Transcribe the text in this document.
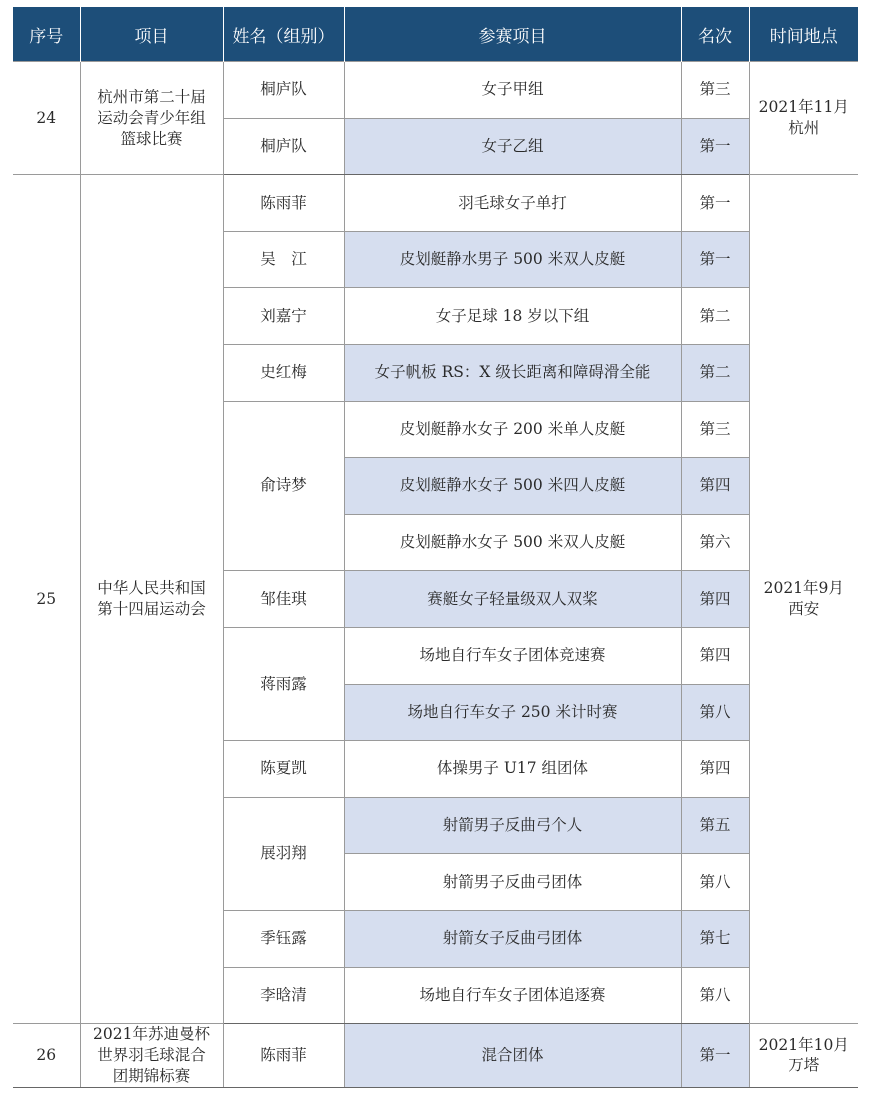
序号	项目	姓名（组别）	参赛项目	名次	时间地点
24	杭州市第二十届
运动会青少年组
篮球比赛	桐庐队	女子甲组	第三	2021年11月
杭州
		桐庐队	女子乙组	第一	
25	中华人民共和国
第十四届运动会	陈雨菲	羽毛球女子单打	第一	2021年9月
西安
		吴　江	皮划艇静水男子 500 米双人皮艇	第一	
		刘嘉宁	女子足球 18 岁以下组	第二	
		史红梅	女子帆板 RS：X 级长距离和障碍滑全能	第二	
		俞诗梦	皮划艇静水女子 200 米单人皮艇	第三	
			皮划艇静水女子 500 米四人皮艇	第四	
			皮划艇静水女子 500 米双人皮艇	第六	
		邹佳琪	赛艇女子轻量级双人双桨	第四	
		蒋雨露	场地自行车女子团体竞速赛	第四	
			场地自行车女子 250 米计时赛	第八	
		陈夏凯	体操男子 U17 组团体	第四	
		展羽翔	射箭男子反曲弓个人	第五	
			射箭男子反曲弓团体	第八	
		季钰露	射箭女子反曲弓团体	第七	
		李晗清	场地自行车女子团体追逐赛	第八	
26	2021年苏迪曼杯
世界羽毛球混合
团期锦标赛	陈雨菲	混合团体	第一	2021年10月
万塔
